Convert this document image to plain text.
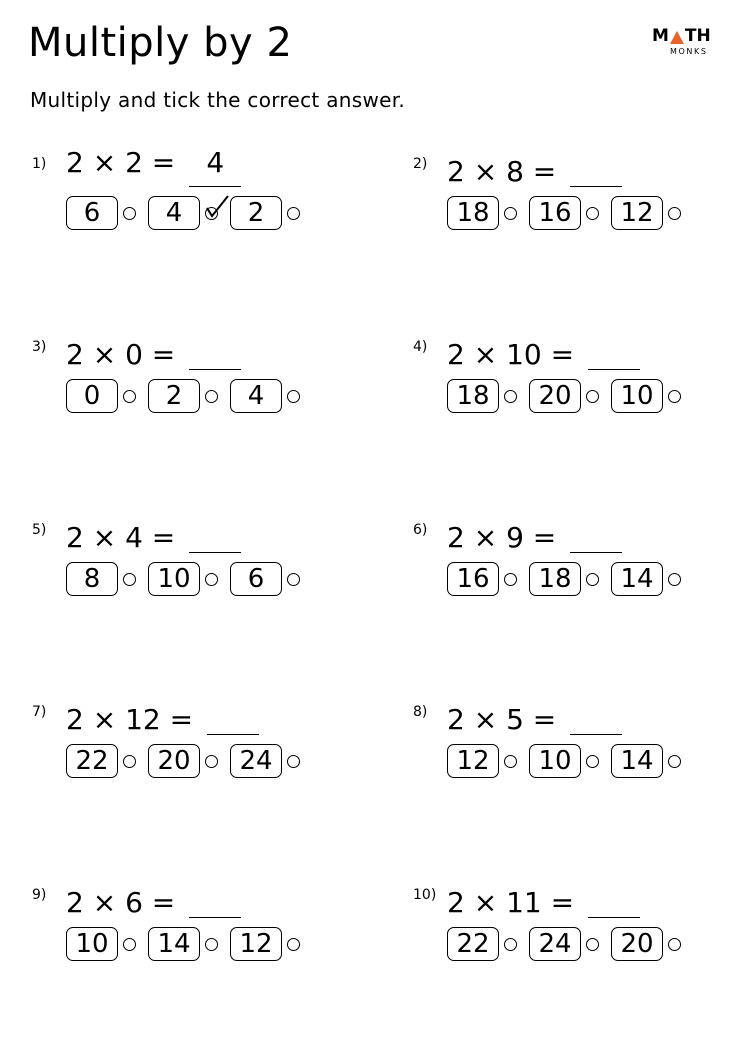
Multiply by 2	M TH
MONKS
Multiply and tick the correct answer.
1) 2 × 2 =	4
6	4	2
2) 2 × 8 =
18	16	12
3) 2 × 0 =
0	2	4
4) 2 × 10 =
18	20	10
5) 2 × 4 =
8	10	6
6) 2 × 9 =
16	18	14
7) 2 × 12 =
22	20	24
8) 2 × 5 =
12	10	14
9) 2 × 6 =
10	14	12
10) 2 × 11 =
22	24	20
